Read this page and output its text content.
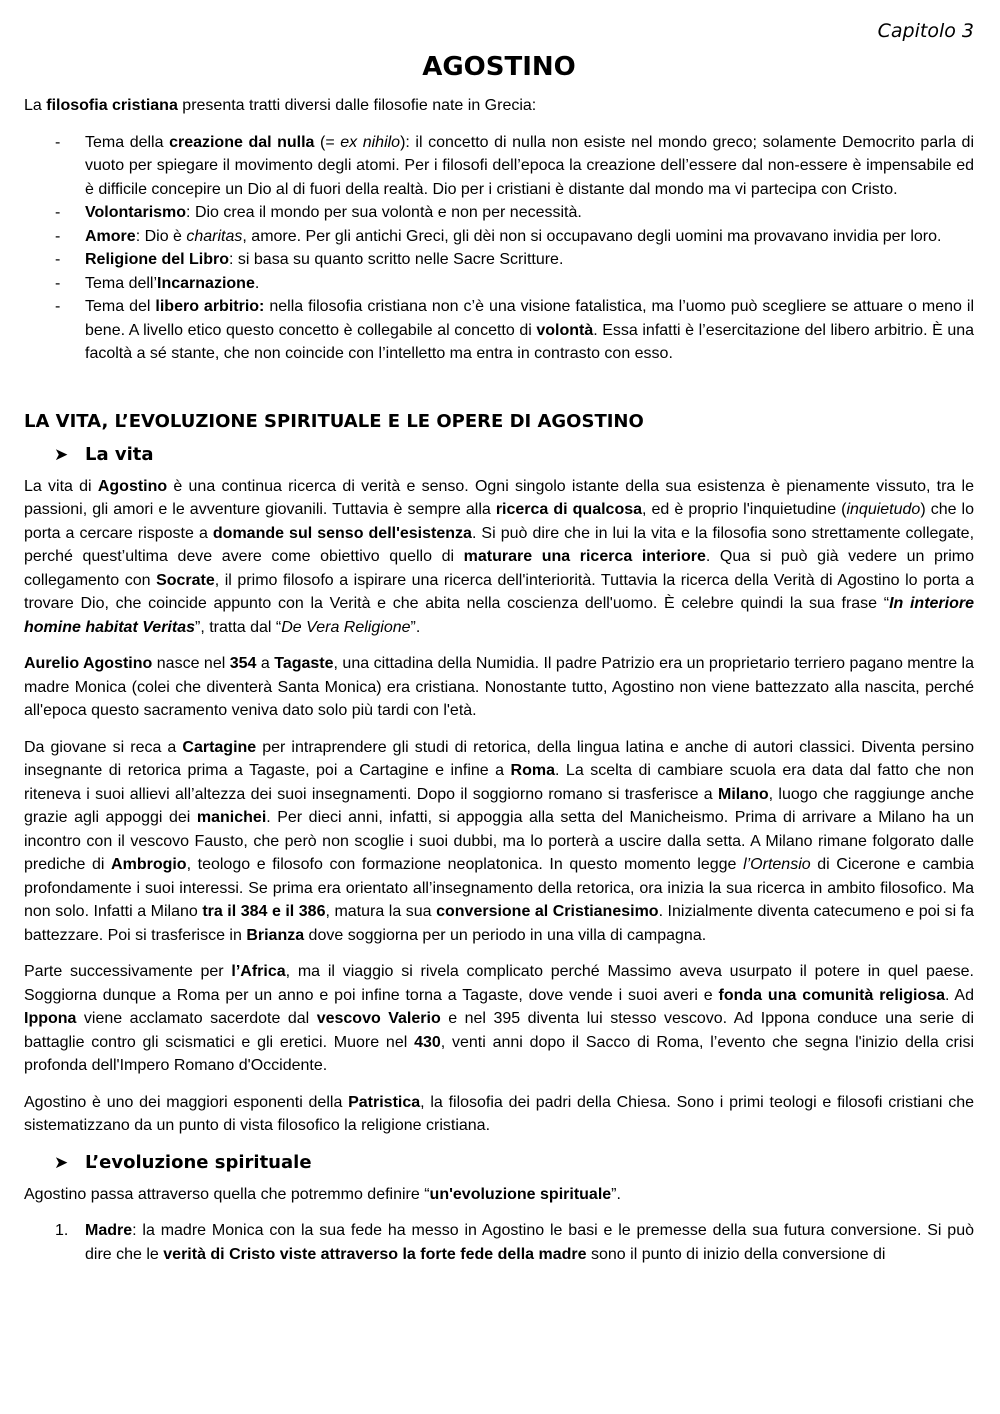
Capitolo 3
AGOSTINO

La filosofia cristiana presenta tratti diversi dalle filosofie nate in Grecia:

- Tema della creazione dal nulla (= ex nihilo): il concetto di nulla non esiste nel mondo greco; solamente Democrito parla di vuoto per spiegare il movimento degli atomi. Per i filosofi dell’epoca la creazione dell’essere dal non-essere è impensabile ed è difficile concepire un Dio al di fuori della realtà. Dio per i cristiani è distante dal mondo ma vi partecipa con Cristo.
- Volontarismo: Dio crea il mondo per sua volontà e non per necessità.
- Amore: Dio è charitas, amore. Per gli antichi Greci, gli dèi non si occupavano degli uomini ma provavano invidia per loro.
- Religione del Libro: si basa su quanto scritto nelle Sacre Scritture.
- Tema dell’Incarnazione.
- Tema del libero arbitrio: nella filosofia cristiana non c’è una visione fatalistica, ma l’uomo può scegliere se attuare o meno il bene. A livello etico questo concetto è collegabile al concetto di volontà. Essa infatti è l’esercitazione del libero arbitrio. È una facoltà a sé stante, che non coincide con l’intelletto ma entra in contrasto con esso.
LA VITA, L’EVOLUZIONE SPIRITUALE E LE OPERE DI AGOSTINO
➤ La vita

La vita di Agostino è una continua ricerca di verità e senso. Ogni singolo istante della sua esistenza è pienamente vissuto, tra le passioni, gli amori e le avventure giovanili. Tuttavia è sempre alla ricerca di qualcosa, ed è proprio l'inquietudine (inquietudo) che lo porta a cercare risposte a domande sul senso dell'esistenza. Si può dire che in lui la vita e la filosofia sono strettamente collegate, perché quest’ultima deve avere come obiettivo quello di maturare una ricerca interiore. Qua si può già vedere un primo collegamento con Socrate, il primo filosofo a ispirare una ricerca dell'interiorità. Tuttavia la ricerca della Verità di Agostino lo porta a trovare Dio, che coincide appunto con la Verità e che abita nella coscienza dell'uomo. È celebre quindi la sua frase “In interiore homine habitat Veritas”, tratta dal “De Vera Religione”.

Aurelio Agostino nasce nel 354 a Tagaste, una cittadina della Numidia. Il padre Patrizio era un proprietario terriero pagano mentre la madre Monica (colei che diventerà Santa Monica) era cristiana. Nonostante tutto, Agostino non viene battezzato alla nascita, perché all'epoca questo sacramento veniva dato solo più tardi con l'età.

Da giovane si reca a Cartagine per intraprendere gli studi di retorica, della lingua latina e anche di autori classici. Diventa persino insegnante di retorica prima a Tagaste, poi a Cartagine e infine a Roma. La scelta di cambiare scuola era data dal fatto che non riteneva i suoi allievi all’altezza dei suoi insegnamenti. Dopo il soggiorno romano si trasferisce a Milano, luogo che raggiunge anche grazie agli appoggi dei manichei. Per dieci anni, infatti, si appoggia alla setta del Manicheismo. Prima di arrivare a Milano ha un incontro con il vescovo Fausto, che però non scoglie i suoi dubbi, ma lo porterà a uscire dalla setta. A Milano rimane folgorato dalle prediche di Ambrogio, teologo e filosofo con formazione neoplatonica. In questo momento legge l’Ortensio di Cicerone e cambia profondamente i suoi interessi. Se prima era orientato all’insegnamento della retorica, ora inizia la sua ricerca in ambito filosofico. Ma non solo. Infatti a Milano tra il 384 e il 386, matura la sua conversione al Cristianesimo. Inizialmente diventa catecumeno e poi si fa battezzare. Poi si trasferisce in Brianza dove soggiorna per un periodo in una villa di campagna.

Parte successivamente per l’Africa, ma il viaggio si rivela complicato perché Massimo aveva usurpato il potere in quel paese. Soggiorna dunque a Roma per un anno e poi infine torna a Tagaste, dove vende i suoi averi e fonda una comunità religiosa. Ad Ippona viene acclamato sacerdote dal vescovo Valerio e nel 395 diventa lui stesso vescovo. Ad Ippona conduce una serie di battaglie contro gli scismatici e gli eretici. Muore nel 430, venti anni dopo il Sacco di Roma, l’evento che segna l'inizio della crisi profonda dell'Impero Romano d'Occidente.

Agostino è uno dei maggiori esponenti della Patristica, la filosofia dei padri della Chiesa. Sono i primi teologi e filosofi cristiani che sistematizzano da un punto di vista filosofico la religione cristiana.

➤ L’evoluzione spirituale

Agostino passa attraverso quella che potremmo definire “un'evoluzione spirituale”.

1. Madre: la madre Monica con la sua fede ha messo in Agostino le basi e le premesse della sua futura conversione. Si può dire che le verità di Cristo viste attraverso la forte fede della madre sono il punto di inizio della conversione di
